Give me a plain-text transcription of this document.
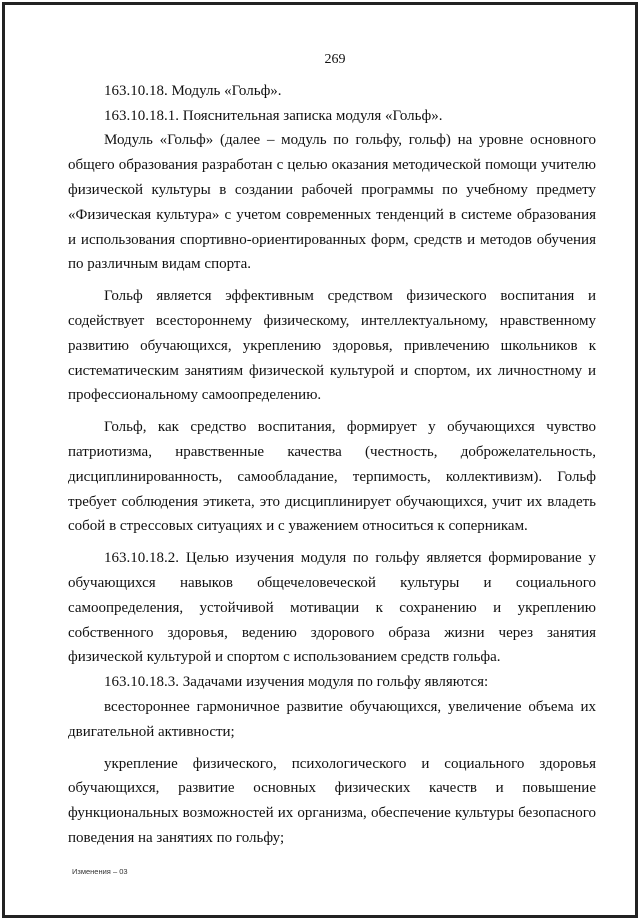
269

163.10.18. Модуль «Гольф».

163.10.18.1. Пояснительная записка модуля «Гольф».

Модуль «Гольф» (далее – модуль по гольфу, гольф) на уровне основного общего образования разработан с целью оказания методической помощи учителю физической культуры в создании рабочей программы по учебному предмету «Физическая культура» с учетом современных тенденций в системе образования и использования спортивно-ориентированных форм, средств и методов обучения по различным видам спорта.

Гольф является эффективным средством физического воспитания и содействует всестороннему физическому, интеллектуальному, нравственному развитию обучающихся, укреплению здоровья, привлечению школьников к систематическим занятиям физической культурой и спортом, их личностному и профессиональному самоопределению.

Гольф, как средство воспитания, формирует у обучающихся чувство патриотизма, нравственные качества (честность, доброжелательность, дисциплинированность, самообладание, терпимость, коллективизм). Гольф требует соблюдения этикета, это дисциплинирует обучающихся, учит их владеть собой в стрессовых ситуациях и с уважением относиться к соперникам.

163.10.18.2. Целью изучения модуля по гольфу является формирование у обучающихся навыков общечеловеческой культуры и социального самоопределения, устойчивой мотивации к сохранению и укреплению собственного здоровья, ведению здорового образа жизни через занятия физической культурой и спортом с использованием средств гольфа.

163.10.18.3. Задачами изучения модуля по гольфу являются:

всестороннее гармоничное развитие обучающихся, увеличение объема их двигательной активности;

укрепление физического, психологического и социального здоровья обучающихся, развитие основных физических качеств и повышение функциональных возможностей их организма, обеспечение культуры безопасного поведения на занятиях по гольфу;

Изменения – 03
